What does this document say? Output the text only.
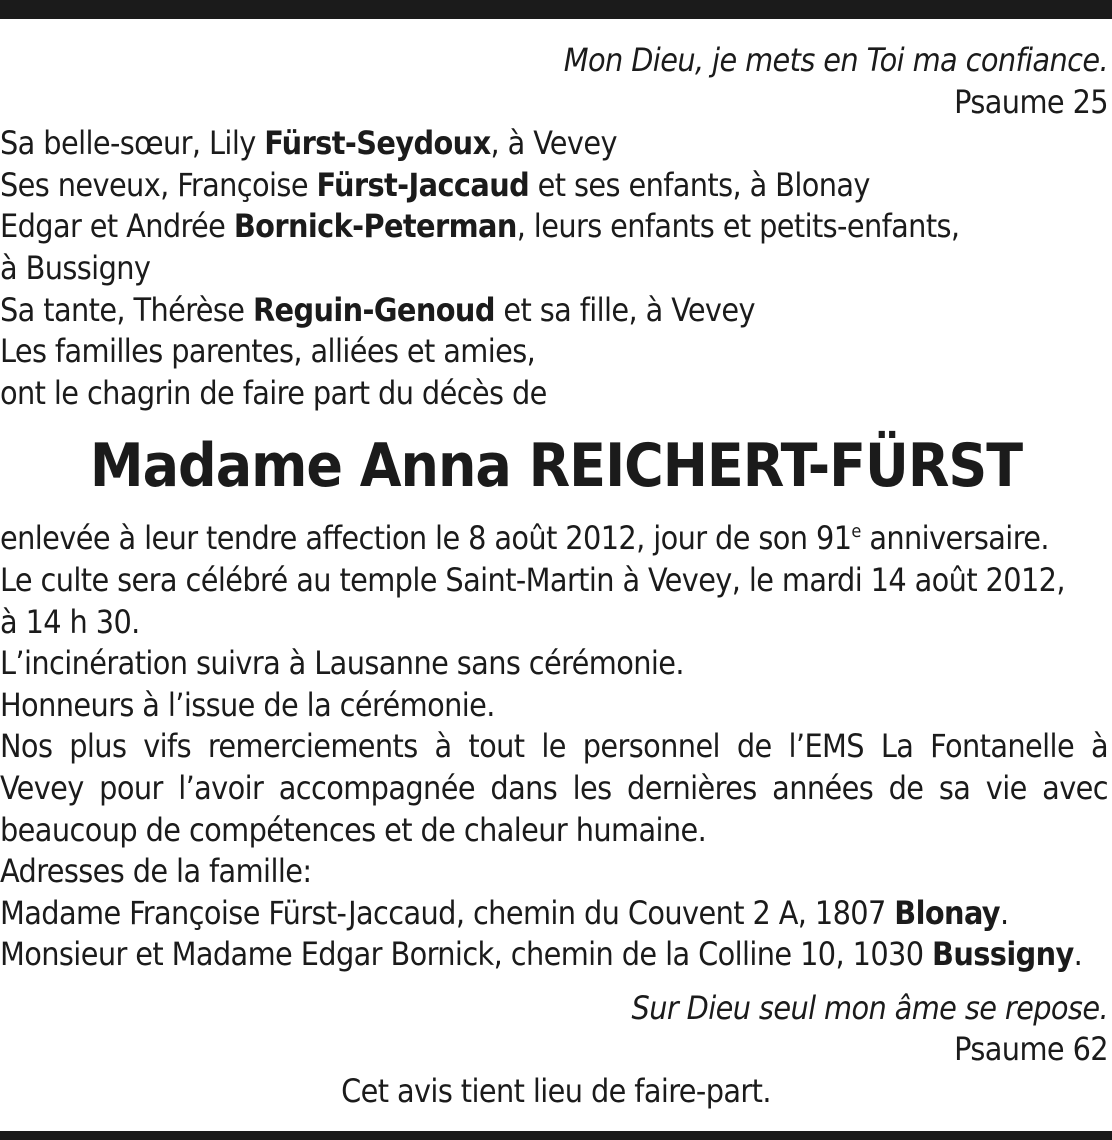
Mon Dieu, je mets en Toi ma confiance.
Psaume 25
Sa belle-sœur, Lily Fürst-Seydoux, à Vevey
Ses neveux, Françoise Fürst-Jaccaud et ses enfants, à Blonay
Edgar et Andrée Bornick-Peterman, leurs enfants et petits-enfants,
à Bussigny
Sa tante, Thérèse Reguin-Genoud et sa fille, à Vevey
Les familles parentes, alliées et amies,
ont le chagrin de faire part du décès de
Madame Anna REICHERT-FÜRST
enlevée à leur tendre affection le 8 août 2012, jour de son 91e anniversaire.
Le culte sera célébré au temple Saint-Martin à Vevey, le mardi 14 août 2012,
à 14 h 30.
L’incinération suivra à Lausanne sans cérémonie.
Honneurs à l’issue de la cérémonie.
Nos plus vifs remerciements à tout le personnel de l’EMS La Fontanelle à
Vevey pour l’avoir accompagnée dans les dernières années de sa vie avec
beaucoup de compétences et de chaleur humaine.
Adresses de la famille:
Madame Françoise Fürst-Jaccaud, chemin du Couvent 2 A, 1807 Blonay.
Monsieur et Madame Edgar Bornick, chemin de la Colline 10, 1030 Bussigny.
Sur Dieu seul mon âme se repose.
Psaume 62
Cet avis tient lieu de faire-part.
